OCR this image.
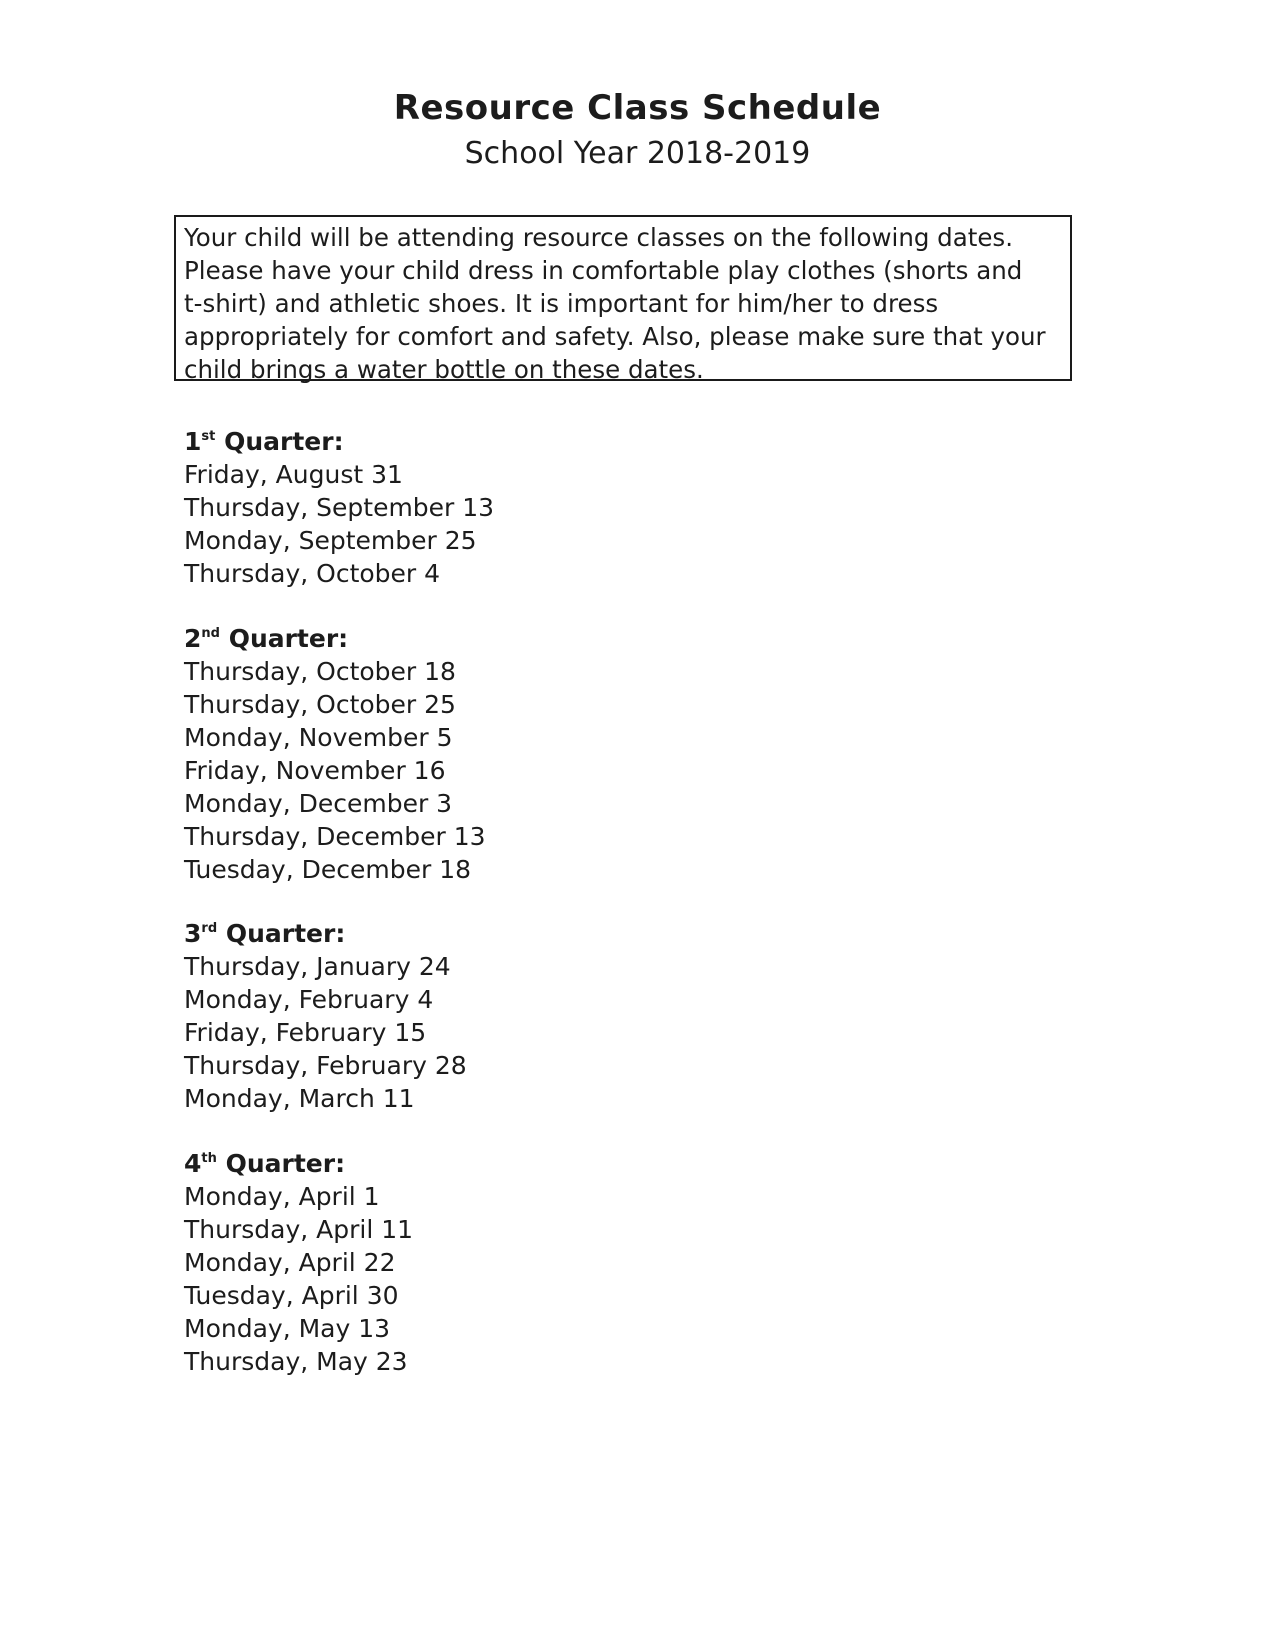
Resource Class Schedule
School Year 2018-2019

Your child will be attending resource classes on the following dates.

Please have your child dress in comfortable play clothes (shorts and

t-shirt) and athletic shoes. It is important for him/her to dress

appropriately for comfort and safety. Also, please make sure that your

child brings a water bottle on these dates.

1st Quarter:
Friday, August 31
Thursday, September 13
Monday, September 25
Thursday, October 4
2nd Quarter:
Thursday, October 18
Thursday, October 25
Monday, November 5
Friday, November 16
Monday, December 3
Thursday, December 13
Tuesday, December 18
3rd Quarter:
Thursday, January 24
Monday, February 4
Friday, February 15
Thursday, February 28
Monday, March 11
4th Quarter:
Monday, April 1
Thursday, April 11
Monday, April 22
Tuesday, April 30
Monday, May 13
Thursday, May 23
